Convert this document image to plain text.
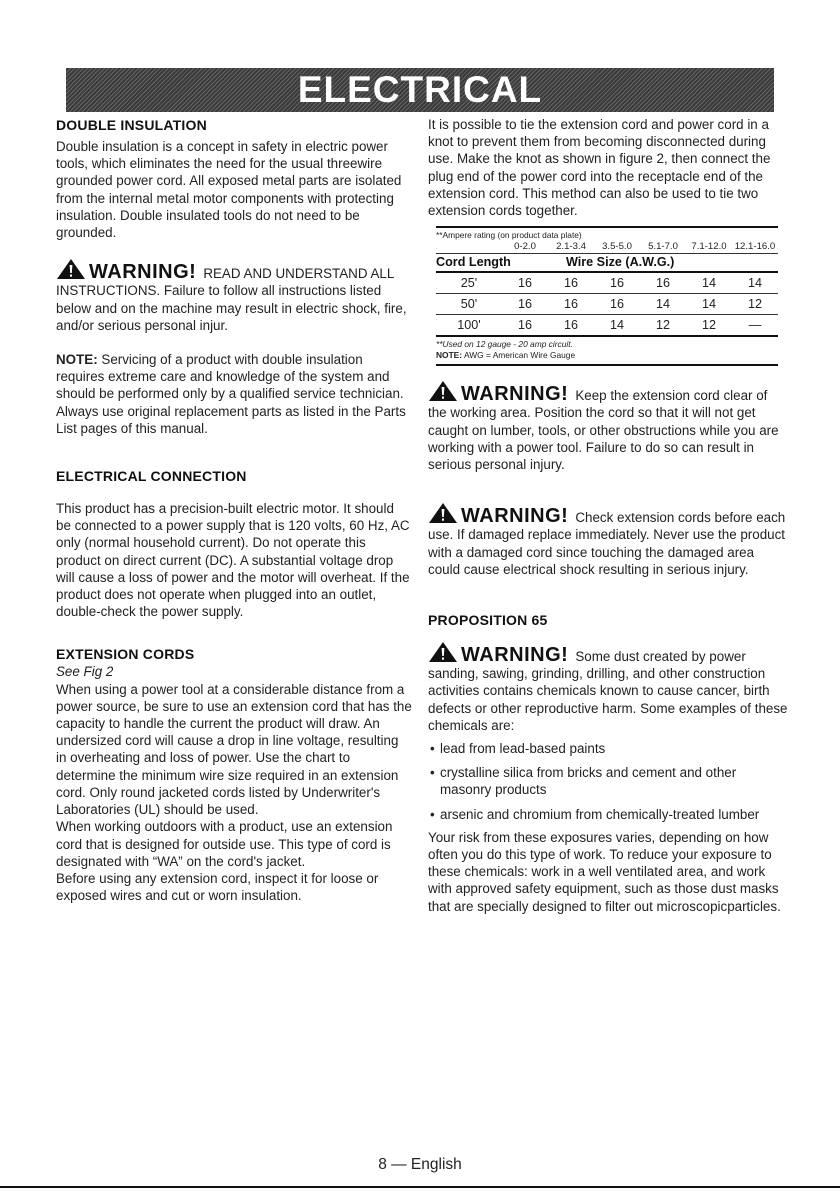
ELECTRICAL
DOUBLE INSULATION

Double insulation is a concept in safety in electric power tools, which eliminates the need for the usual threewire grounded power cord. All exposed metal parts are isolated from the internal metal motor components with protecting insulation. Double insulated tools do not need to be grounded.

WARNING! READ AND UNDERSTAND ALL INSTRUCTIONS. Failure to follow all instructions listed below and on the machine may result in electric shock, fire, and/or serious personal injur.

NOTE: Servicing of a product with double insulation requires extreme care and knowledge of the system and should be performed only by a qualified service technician. Always use original replacement parts as listed in the Parts List pages of this manual.

ELECTRICAL CONNECTION

This product has a precision-built electric motor. It should be connected to a power supply that is 120 volts, 60 Hz, AC only (normal household current). Do not operate this product on direct current (DC). A substantial voltage drop will cause a loss of power and the motor will overheat. If the product does not operate when plugged into an outlet, double-check the power supply.

EXTENSION CORDS

See Fig 2

When using a power tool at a considerable distance from a power source, be sure to use an extension cord that has the capacity to handle the current the product will draw. An undersized cord will cause a drop in line voltage, resulting in overheating and loss of power. Use the chart to determine the minimum wire size required in an extension cord. Only round jacketed cords listed by Underwriter's Laboratories (UL) should be used.

When working outdoors with a product, use an extension cord that is designed for outside use. This type of cord is designated with “WA” on the cord's jacket.

Before using any extension cord, inspect it for loose or exposed wires and cut or worn insulation.

It is possible to tie the extension cord and power cord in a knot to prevent them from becoming disconnected during use. Make the knot as shown in figure 2, then connect the plug end of the power cord into the receptacle end of the extension cord. This method can also be used to tie two extension cords together.

**Ampere rating (on product data plate)
0-2.0	2.1-3.4	3.5-5.0	5.1-7.0	7.1-12.0 12.1-16.0
Cord Length	Wire Size (A.W.G.)
25'	16	16	16	16	14	14
50'	16	16	16	14	14	12
100'	16	16	14	12	12	—
**Used on 12 gauge - 20 amp circuit.
NOTE: AWG = American Wire Gauge
WARNING! Keep the extension cord clear of the working area. Position the cord so that it will not get caught on lumber, tools, or other obstructions while you are working with a power tool. Failure to do so can result in serious personal injury.
WARNING! Check extension cords before each use. If damaged replace immediately. Never use the product with a damaged cord since touching the damaged area could cause electrical shock resulting in serious injury.
PROPOSITION 65
WARNING! Some dust created by power sanding, sawing, grinding, drilling, and other construction activities contains chemicals known to cause cancer, birth defects or other reproductive harm. Some examples of these chemicals are:
• lead from lead-based paints
• crystalline silica from bricks and cement and other masonry products
• arsenic and chromium from chemically-treated lumber

Your risk from these exposures varies, depending on how often you do this type of work. To reduce your exposure to these chemicals: work in a well ventilated area, and work with approved safety equipment, such as those dust masks that are specially designed to filter out microscopicparticles.

8 — English
